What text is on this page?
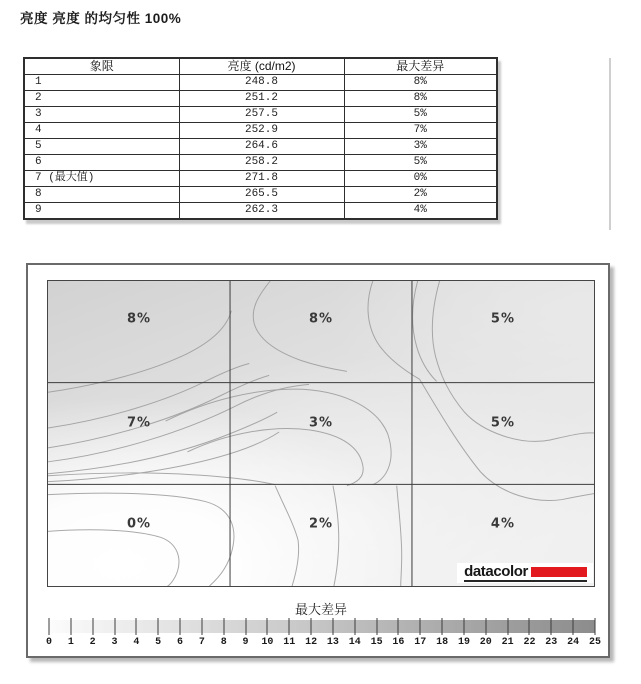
亮度 亮度 的均匀性 100%
象限	亮度 (cd/m2)	最大差异
1	248.8	8%
2	251.2	8%
3	257.5	5%
4	252.9	7%
5	264.6	3%
6	258.2	5%
7 (最大值)	271.8	0%
8	265.5	2%
9	262.3	4%
8%	8%	5%
7%	3%	5%
0%	2%	4%
datacolor
最大差异
0 1 2 3 4 5 6 7 8 9 10 11 12 13 14 15 16 17 18 19 20 21 22 23 24 25
